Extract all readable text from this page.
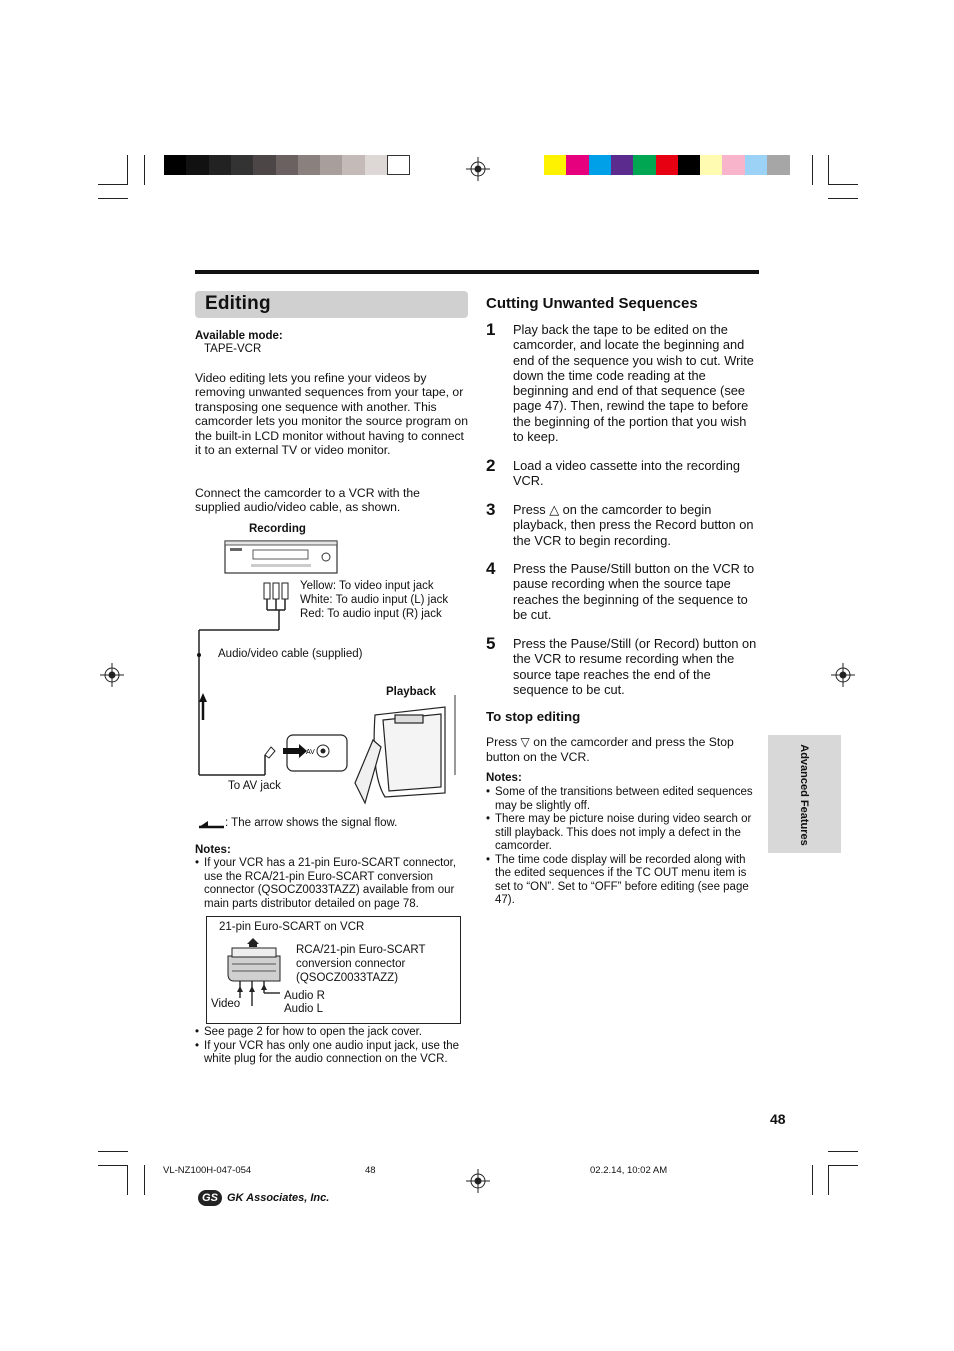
Editing
Available mode:
TAPE-VCR
Video editing lets you refine your videos by removing unwanted sequences from your tape, or transposing one sequence with another. This camcorder lets you monitor the source program on the built-in LCD monitor without having to connect it to an external TV or video monitor.
Connect the camcorder to a VCR with the supplied audio/video cable, as shown.
Recording
AV
Yellow: To video input jack
White: To audio input (L) jack
Red: To audio input (R) jack
Audio/video cable (supplied)
Playback
To AV jack
: The arrow shows the signal flow.
Notes:
• If your VCR has a 21-pin Euro-SCART connector, use the RCA/21-pin Euro-SCART conversion connector (QSOCZ0033TAZZ) available from our main parts distributor detailed on page 78.
21-pin Euro-SCART on VCR
RCA/21-pin Euro-SCART conversion connector (QSOCZ0033TAZZ)
Video
Audio R
Audio L
• See page 2 for how to open the jack cover.
• If your VCR has only one audio input jack, use the white plug for the audio connection on the VCR.
Cutting Unwanted Sequences
1 Play back the tape to be edited on the camcorder, and locate the beginning and end of the sequence you wish to cut. Write down the time code reading at the beginning and end of that sequence (see page 47). Then, rewind the tape to before the beginning of the portion that you wish to keep.
2 Load a video cassette into the recording VCR.
3 Press △ on the camcorder to begin playback, then press the Record button on the VCR to begin recording.
4 Press the Pause/Still button on the VCR to pause recording when the source tape reaches the beginning of the sequence to be cut.
5 Press the Pause/Still (or Record) button on the VCR to resume recording when the source tape reaches the end of the sequence to be cut.
To stop editing
Press ▽ on the camcorder and press the Stop button on the VCR.
Notes:
• Some of the transitions between edited sequences may be slightly off.
• There may be picture noise during video search or still playback. This does not imply a defect in the camcorder.
• The time code display will be recorded along with the edited sequences if the TC OUT menu item is set to “ON”. Set to “OFF” before editing (see page 47).
Advanced Features
48
VL-NZ100H-047-054	48	02.2.14, 10:02 AM
GS GK Associates, Inc.
